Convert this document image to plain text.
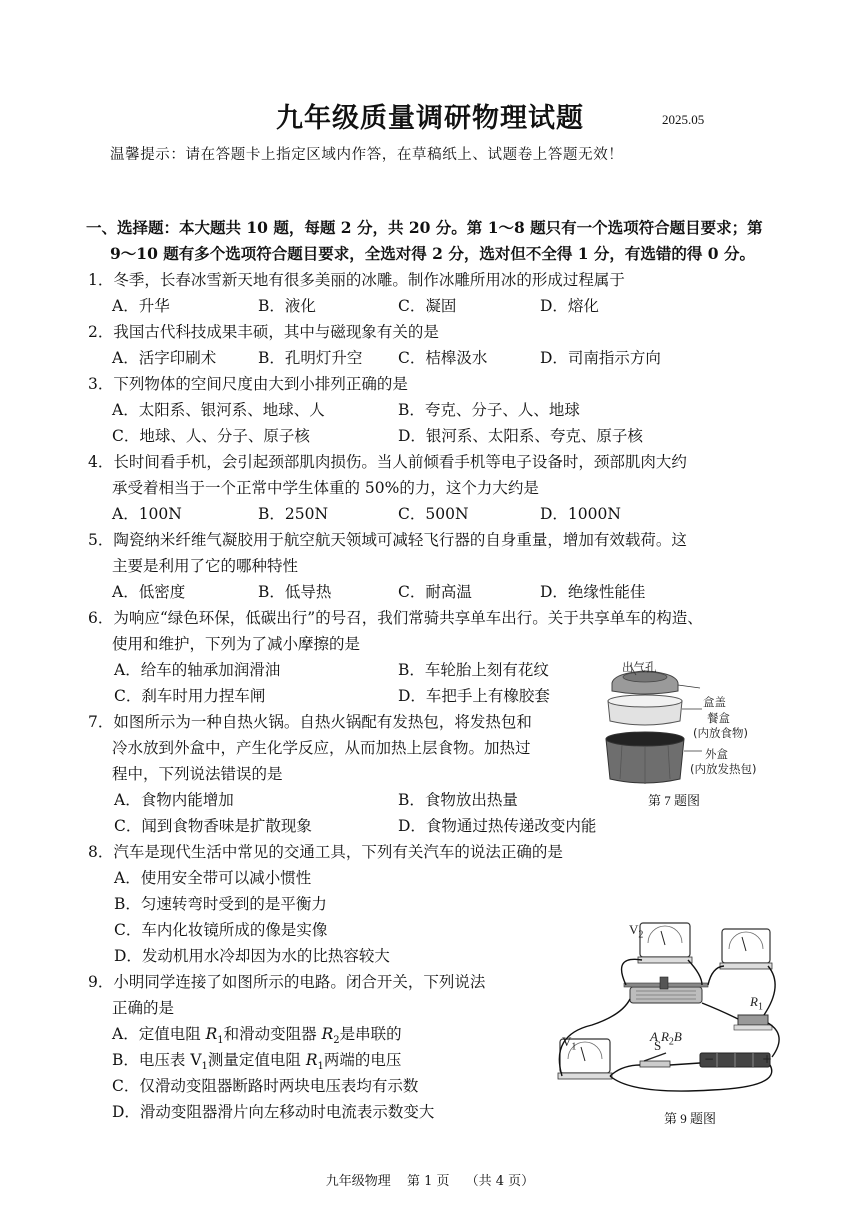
九年级质量调研物理试题	2025.05
温馨提示：请在答题卡上指定区域内作答，在草稿纸上、试题卷上答题无效！
一、选择题：本大题共 10 题，每题 2 分，共 20 分。第 1～8 题只有一个选项符合题目要求；第
9～10 题有多个选项符合题目要求，全选对得 2 分，选对但不全得 1 分，有选错的得 0 分。
1．冬季，长春冰雪新天地有很多美丽的冰雕。制作冰雕所用冰的形成过程属于
A．升华	B．液化	C．凝固	D．熔化
2．我国古代科技成果丰硕，其中与磁现象有关的是
A．活字印刷术	B．孔明灯升空 C．桔槔汲水	D．司南指示方向
3．下列物体的空间尺度由大到小排列正确的是
A．太阳系、银河系、地球、人	B．夸克、分子、人、地球
C．地球、人、分子、原子核	D．银河系、太阳系、夸克、原子核
4．长时间看手机，会引起颈部肌肉损伤。当人前倾看手机等电子设备时，颈部肌肉大约
承受着相当于一个正常中学生体重的 50%的力，这个力大约是
A．100N	B．250N	C．500N	D．1000N
5．陶瓷纳米纤维气凝胶用于航空航天领域可减轻飞行器的自身重量，增加有效载荷。这
主要是利用了它的哪种特性
A．低密度	B．低导热	C．耐高温	D．绝缘性能佳
6．为响应“绿色环保，低碳出行”的号召，我们常骑共享单车出行。关于共享单车的构造、
使用和维护，下列为了减小摩擦的是
A．给车的轴承加润滑油	B．车轮胎上刻有花纹
C．刹车时用力捏车闸	D．车把手上有橡胶套
7．如图所示为一种自热火锅。自热火锅配有发热包，将发热包和
冷水放到外盒中，产生化学反应，从而加热上层食物。加热过
程中，下列说法错误的是
A．食物内能增加	B．食物放出热量
C．闻到食物香味是扩散现象	D．食物通过热传递改变内能
8．汽车是现代生活中常见的交通工具，下列有关汽车的说法正确的是
A．使用安全带可以减小惯性
B．匀速转弯时受到的是平衡力
C．车内化妆镜所成的像是实像
D．发动机用水冷却因为水的比热容较大
9．小明同学连接了如图所示的电路。闭合开关，下列说法
正确的是
A．定值电阻 $R_1$和滑动变阻器 $R_2$是串联的
B．电压表 $V_1$测量定值电阻 $R_1$两端的电压
C．仅滑动变阻器断路时两块电压表均有示数
D．滑动变阻器滑片向左移动时电流表示数变大
出气孔
盒盖
餐盒
(内放食物)
外盒
(内放发热包)
第 7 题图
$V_2$
$V_1$
$R_1$
A $R_2B$
S
−	+
第 9 题图
九年级物理 第 1 页 （共 4 页）
